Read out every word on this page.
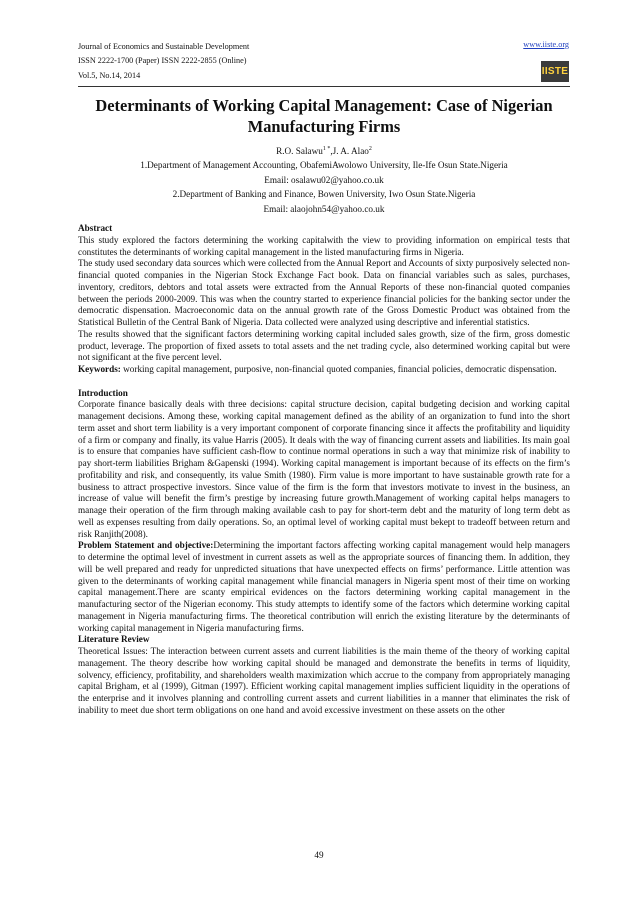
Journal of Economics and Sustainable Development
ISSN 2222-1700 (Paper) ISSN 2222-2855 (Online)
Vol.5, No.14, 2014
www.iiste.org
IISTE
Determinants of Working Capital Management: Case of Nigerian Manufacturing Firms
R.O. Salawu$^{1 *}$,J. A. Alao$^2$
1.Department of Management Accounting, ObafemiAwolowo University, Ile-Ife Osun State.Nigeria
Email: osalawu02@yahoo.co.uk
2.Department of Banking and Finance, Bowen University, Iwo Osun State.Nigeria
Email: alaojohn54@yahoo.co.uk

Abstract

This study explored the factors determining the working capitalwith the view to providing information on empirical tests that constitutes the determinants of working capital management in the listed manufacturing firms in Nigeria.

The study used secondary data sources which were collected from the Annual Report and Accounts of sixty purposively selected non-financial quoted companies in the Nigerian Stock Exchange Fact book. Data on financial variables such as sales, purchases, inventory, creditors, debtors and total assets were extracted from the Annual Reports of these non-financial quoted companies between the periods 2000-2009. This was when the country started to experience financial policies for the banking sector under the democratic dispensation. Macroeconomic data on the annual growth rate of the Gross Domestic Product was obtained from the Statistical Bulletin of the Central Bank of Nigeria. Data collected were analyzed using descriptive and inferential statistics.

The results showed that the significant factors determining working capital included sales growth, size of the firm, gross domestic product, leverage. The proportion of fixed assets to total assets and the net trading cycle, also determined working capital but were not significant at the five percent level.

Keywords: working capital management, purposive, non-financial quoted companies, financial policies, democratic dispensation.

Introduction

Corporate finance basically deals with three decisions: capital structure decision, capital budgeting decision and working capital management decisions. Among these, working capital management defined as the ability of an organization to fund into the short term asset and short term liability is a very important component of corporate financing since it affects the profitability and liquidity of a firm or company and finally, its value Harris (2005). It deals with the way of financing current assets and liabilities. Its main goal is to ensure that companies have sufficient cash-flow to continue normal operations in such a way that minimize risk of inability to pay short-term liabilities Brigham &Gapenski (1994). Working capital management is important because of its effects on the firm’s profitability and risk, and consequently, its value Smith (1980). Firm value is more important to have sustainable growth rate for a business to attract prospective investors. Since value of the firm is the form that investors motivate to invest in the business, an increase of value will benefit the firm’s prestige by increasing future growth.Management of working capital helps managers to manage their operation of the firm through making available cash to pay for short-term debt and the maturity of long term debt as well as expenses resulting from daily operations. So, an optimal level of working capital must bekept to tradeoff between return and risk Ranjith(2008).

Problem Statement and objective:Determining the important factors affecting working capital management would help managers to determine the optimal level of investment in current assets as well as the appropriate sources of financing them. In addition, they will be well prepared and ready for unpredicted situations that have unexpected effects on firms’ performance. Little attention was given to the determinants of working capital management while financial managers in Nigeria spent most of their time on working capital management.There are scanty empirical evidences on the factors determining working capital management in the manufacturing sector of the Nigerian economy. This study attempts to identify some of the factors which determine working capital management in Nigeria manufacturing firms. The theoretical contribution will enrich the existing literature by the determinants of working capital management in Nigeria manufacturing firms.

Literature Review

Theoretical Issues: The interaction between current assets and current liabilities is the main theme of the theory of working capital management. The theory describe how working capital should be managed and demonstrate the benefits in terms of liquidity, solvency, efficiency, profitability, and shareholders wealth maximization which accrue to the company from appropriately managing capital Brigham, et al (1999), Gitman (1997). Efficient working capital management implies sufficient liquidity in the operations of the enterprise and it involves planning and controlling current assets and current liabilities in a manner that eliminates the risk of inability to meet due short term obligations on one hand and avoid excessive investment on these assets on the other

49
